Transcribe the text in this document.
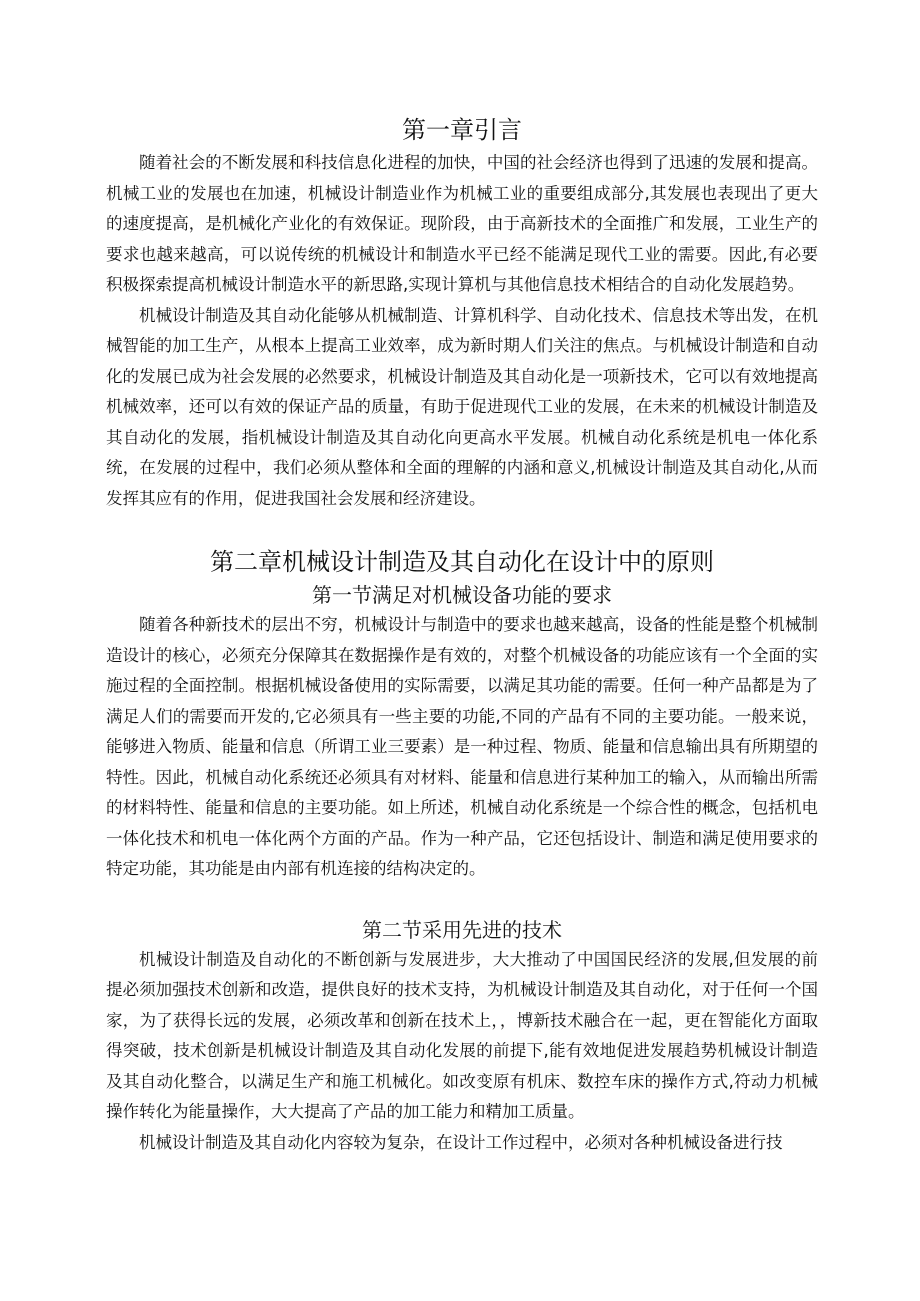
第一章引言

随着社会的不断发展和科技信息化进程的加快，中国的社会经济也得到了迅速的发展和提高。机械工业的发展也在加速，机械设计制造业作为机械工业的重要组成部分,其发展也表现出了更大的速度提高，是机械化产业化的有效保证。现阶段，由于高新技术的全面推广和发展，工业生产的要求也越来越高，可以说传统的机械设计和制造水平已经不能满足现代工业的需要。因此,有必要积极探索提高机械设计制造水平的新思路,实现计算机与其他信息技术相结合的自动化发展趋势。

机械设计制造及其自动化能够从机械制造、计算机科学、自动化技术、信息技术等出发，在机械智能的加工生产，从根本上提高工业效率，成为新时期人们关注的焦点。与机械设计制造和自动化的发展已成为社会发展的必然要求，机械设计制造及其自动化是一项新技术，它可以有效地提高机械效率，还可以有效的保证产品的质量，有助于促进现代工业的发展，在未来的机械设计制造及其自动化的发展，指机械设计制造及其自动化向更高水平发展。机械自动化系统是机电一体化系统，在发展的过程中，我们必须从整体和全面的理解的内涵和意义,机械设计制造及其自动化,从而发挥其应有的作用，促进我国社会发展和经济建设。

第二章机械设计制造及其自动化在设计中的原则
第一节满足对机械设备功能的要求

随着各种新技术的层出不穷，机械设计与制造中的要求也越来越高，设备的性能是整个机械制造设计的核心，必须充分保障其在数据操作是有效的，对整个机械设备的功能应该有一个全面的实施过程的全面控制。根据机械设备使用的实际需要，以满足其功能的需要。任何一种产品都是为了满足人们的需要而开发的,它必须具有一些主要的功能,不同的产品有不同的主要功能。一般来说，能够进入物质、能量和信息（所谓工业三要素）是一种过程、物质、能量和信息输出具有所期望的特性。因此，机械自动化系统还必须具有对材料、能量和信息进行某种加工的输入，从而输出所需的材料特性、能量和信息的主要功能。如上所述，机械自动化系统是一个综合性的概念，包括机电一体化技术和机电一体化两个方面的产品。作为一种产品，它还包括设计、制造和满足使用要求的特定功能，其功能是由内部有机连接的结构决定的。

第二节采用先进的技术

机械设计制造及自动化的不断创新与发展进步，大大推动了中国国民经济的发展,但发展的前提必须加强技术创新和改造，提供良好的技术支持，为机械设计制造及其自动化，对于任何一个国家，为了获得长远的发展，必须改革和创新在技术上，，博新技术融合在一起，更在智能化方面取得突破，技术创新是机械设计制造及其自动化发展的前提下,能有效地促进发展趋势机械设计制造及其自动化整合，以满足生产和施工机械化。如改变原有机床、数控车床的操作方式,符动力机械操作转化为能量操作，大大提高了产品的加工能力和精加工质量。

机械设计制造及其自动化内容较为复杂，在设计工作过程中，必须对各种机械设备进行技
